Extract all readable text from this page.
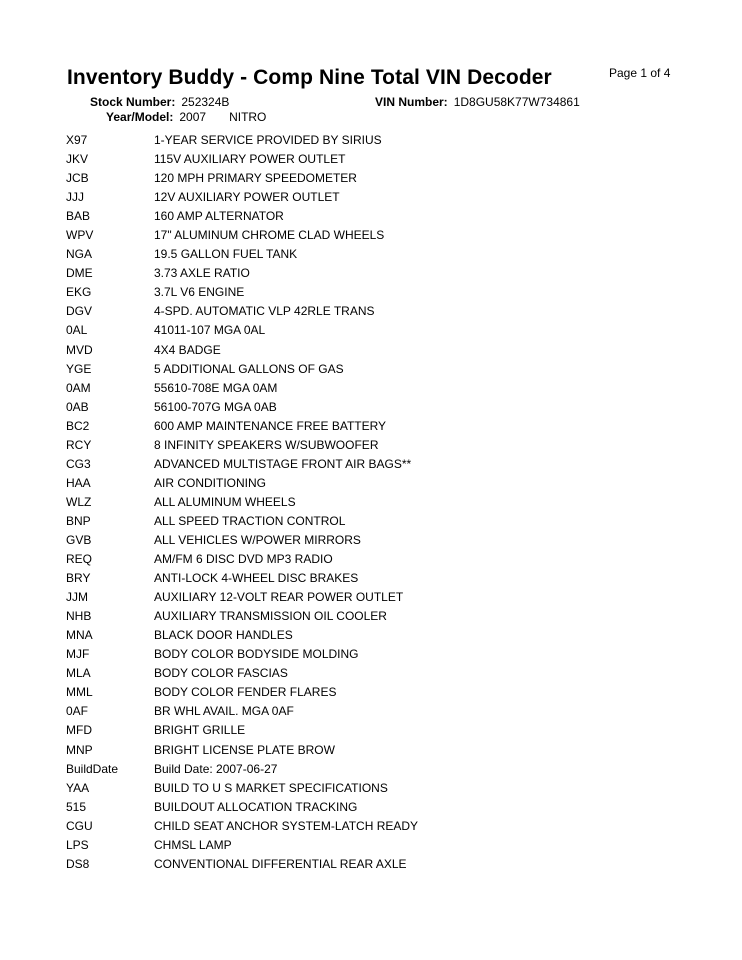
Inventory Buddy - Comp Nine Total VIN Decoder	Page 1 of 4
Stock Number: 252324B	VIN Number: 1D8GU58K77W734861
Year/Model: 2007 NITRO
X97	1-YEAR SERVICE PROVIDED BY SIRIUS
JKV	115V AUXILIARY POWER OUTLET
JCB	120 MPH PRIMARY SPEEDOMETER
JJJ	12V AUXILIARY POWER OUTLET
BAB	160 AMP ALTERNATOR
WPV	17" ALUMINUM CHROME CLAD WHEELS
NGA	19.5 GALLON FUEL TANK
DME	3.73 AXLE RATIO
EKG	3.7L V6 ENGINE
DGV	4-SPD. AUTOMATIC VLP 42RLE TRANS
0AL	41011-107 MGA 0AL
MVD	4X4 BADGE
YGE	5 ADDITIONAL GALLONS OF GAS
0AM	55610-708E MGA 0AM
0AB	56100-707G MGA 0AB
BC2	600 AMP MAINTENANCE FREE BATTERY
RCY	8 INFINITY SPEAKERS W/SUBWOOFER
CG3	ADVANCED MULTISTAGE FRONT AIR BAGS**
HAA	AIR CONDITIONING
WLZ	ALL ALUMINUM WHEELS
BNP	ALL SPEED TRACTION CONTROL
GVB	ALL VEHICLES W/POWER MIRRORS
REQ	AM/FM 6 DISC DVD MP3 RADIO
BRY	ANTI-LOCK 4-WHEEL DISC BRAKES
JJM	AUXILIARY 12-VOLT REAR POWER OUTLET
NHB	AUXILIARY TRANSMISSION OIL COOLER
MNA	BLACK DOOR HANDLES
MJF	BODY COLOR BODYSIDE MOLDING
MLA	BODY COLOR FASCIAS
MML	BODY COLOR FENDER FLARES
0AF	BR WHL AVAIL. MGA 0AF
MFD	BRIGHT GRILLE
MNP	BRIGHT LICENSE PLATE BROW
BuildDate	Build Date: 2007-06-27
YAA	BUILD TO U S MARKET SPECIFICATIONS
515	BUILDOUT ALLOCATION TRACKING
CGU	CHILD SEAT ANCHOR SYSTEM-LATCH READY
LPS	CHMSL LAMP
DS8	CONVENTIONAL DIFFERENTIAL REAR AXLE
